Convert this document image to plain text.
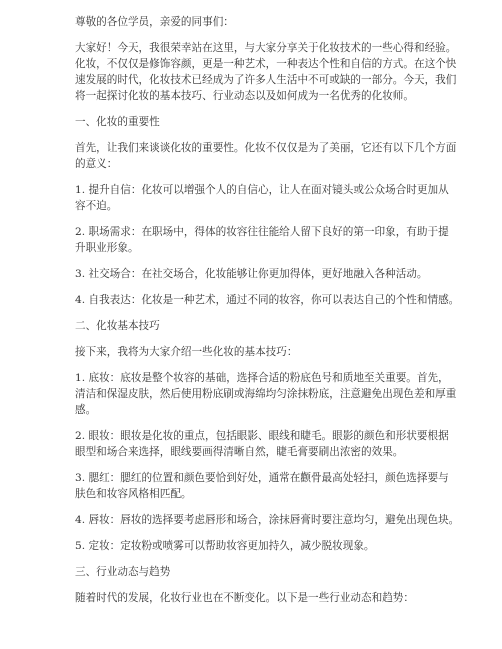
尊敬的各位学员，亲爱的同事们：

大家好！今天，我很荣幸站在这里，与大家分享关于化妆技术的一些心得和经验。

化妆，不仅仅是修饰容颜，更是一种艺术，一种表达个性和自信的方式。在这个快

速发展的时代，化妆技术已经成为了许多人生活中不可或缺的一部分。今天，我们

将一起探讨化妆的基本技巧、行业动态以及如何成为一名优秀的化妆师。

一、化妆的重要性

首先，让我们来谈谈化妆的重要性。化妆不仅仅是为了美丽，它还有以下几个方面

的意义：

1. 提升自信：化妆可以增强个人的自信心，让人在面对镜头或公众场合时更加从

容不迫。

2. 职场需求：在职场中，得体的妆容往往能给人留下良好的第一印象，有助于提

升职业形象。

3. 社交场合：在社交场合，化妆能够让你更加得体，更好地融入各种活动。

4. 自我表达：化妆是一种艺术，通过不同的妆容，你可以表达自己的个性和情感。

二、化妆基本技巧

接下来，我将为大家介绍一些化妆的基本技巧：

1. 底妆：底妆是整个妆容的基础，选择合适的粉底色号和质地至关重要。首先，

清洁和保湿皮肤，然后使用粉底刷或海绵均匀涂抹粉底，注意避免出现色差和厚重

感。

2. 眼妆：眼妆是化妆的重点，包括眼影、眼线和睫毛。眼影的颜色和形状要根据

眼型和场合来选择，眼线要画得清晰自然，睫毛膏要刷出浓密的效果。

3. 腮红：腮红的位置和颜色要恰到好处，通常在颧骨最高处轻扫，颜色选择要与

肤色和妆容风格相匹配。

4. 唇妆：唇妆的选择要考虑唇形和场合，涂抹唇膏时要注意均匀，避免出现色块。

5. 定妆：定妆粉或喷雾可以帮助妆容更加持久，减少脱妆现象。

三、行业动态与趋势

随着时代的发展，化妆行业也在不断变化。以下是一些行业动态和趋势：
